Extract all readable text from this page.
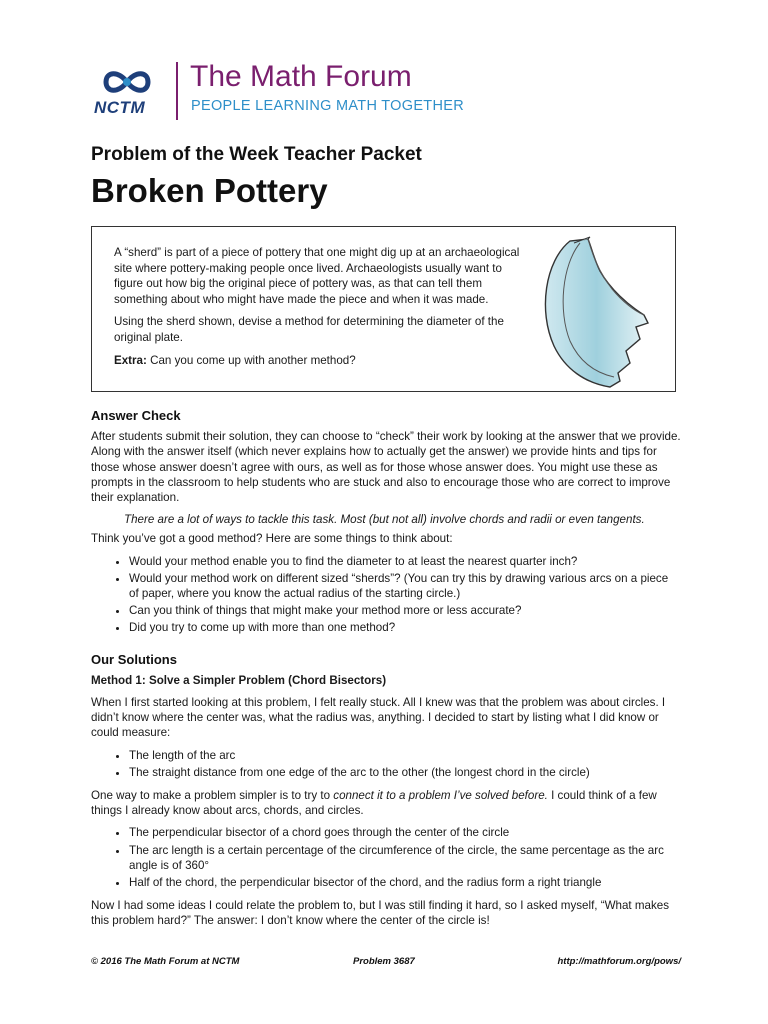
NCTM
The Math Forum
PEOPLE LEARNING MATH TOGETHER
Problem of the Week Teacher Packet
Broken Pottery

A “sherd” is part of a piece of pottery that one might dig up at an archaeological site where pottery-making people once lived. Archaeologists usually want to figure out how big the original piece of pottery was, as that can tell them something about who might have made the piece and when it was made.

Using the sherd shown, devise a method for determining the diameter of the original plate.

Extra: Can you come up with another method?

Answer Check

After students submit their solution, they can choose to “check” their work by looking at the answer that we provide. Along with the answer itself (which never explains how to actually get the answer) we provide hints and tips for those whose answer doesn’t agree with ours, as well as for those whose answer does. You might use these as prompts in the classroom to help students who are stuck and also to encourage those who are correct to improve their explanation.

There are a lot of ways to tackle this task. Most (but not all) involve chords and radii or even tangents.

Think you’ve got a good method? Here are some things to think about:

• Would your method enable you to find the diameter to at least the nearest quarter inch?
• Would your method work on different sized “sherds”? (You can try this by drawing various arcs on a piece of paper, where you know the actual radius of the starting circle.)
• Can you think of things that might make your method more or less accurate?
• Did you try to come up with more than one method?
Our Solutions
Method 1: Solve a Simpler Problem (Chord Bisectors)

When I first started looking at this problem, I felt really stuck. All I knew was that the problem was about circles. I didn’t know where the center was, what the radius was, anything. I decided to start by listing what I did know or could measure:

• The length of the arc
• The straight distance from one edge of the arc to the other (the longest chord in the circle)

One way to make a problem simpler is to try to connect it to a problem I’ve solved before. I could think of a few things I already know about arcs, chords, and circles.

• The perpendicular bisector of a chord goes through the center of the circle
• The arc length is a certain percentage of the circumference of the circle, the same percentage as the arc angle is of 360°
• Half of the chord, the perpendicular bisector of the chord, and the radius form a right triangle

Now I had some ideas I could relate the problem to, but I was still finding it hard, so I asked myself, “What makes this problem hard?” The answer: I don’t know where the center of the circle is!

© 2016 The Math Forum at NCTM	Problem 3687	http://mathforum.org/pows/
